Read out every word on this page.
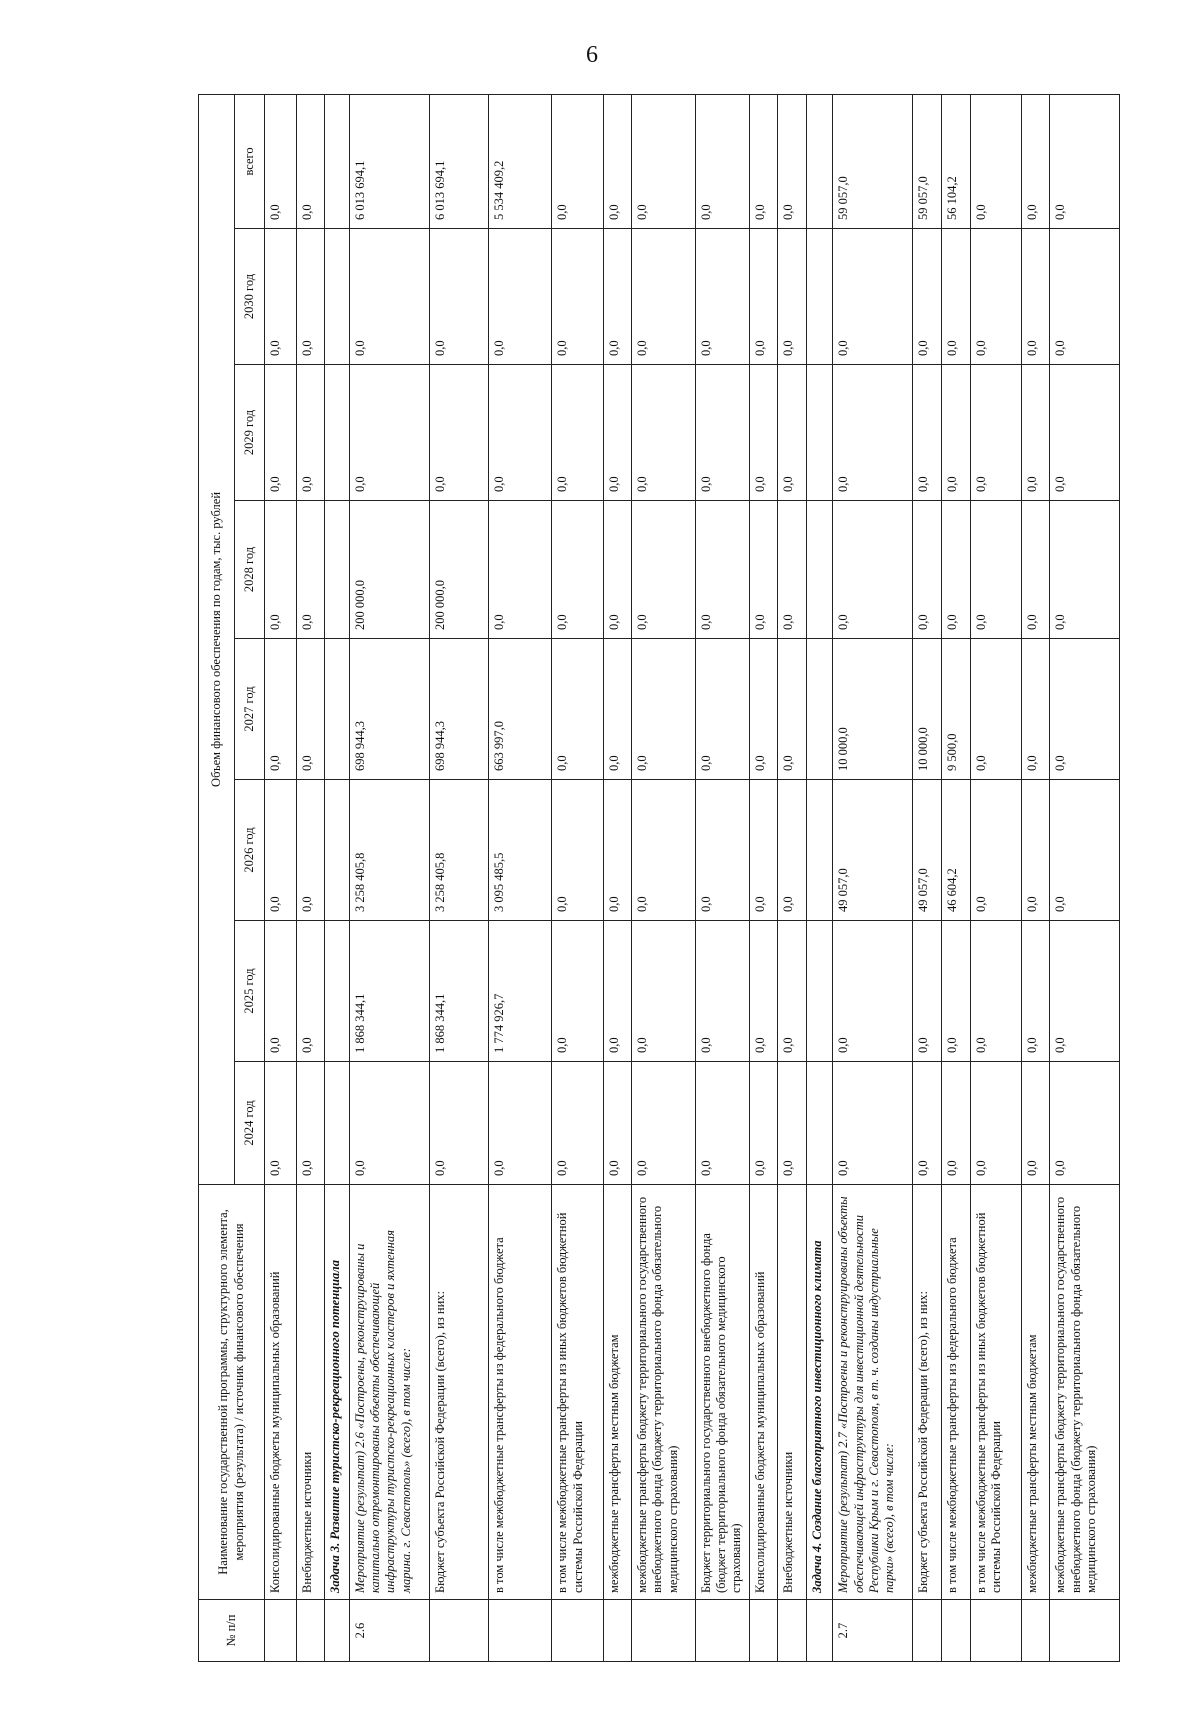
6
№ п/п	Наименование государственной программы, структурного элемента, мероприятия (результата) / источник финансового обеспечения	Объем финансового обеспечения по годам, тыс. рублей							
		2024 год	2025 год	2026 год	2027 год	2028 год	2029 год	2030 год	всего
	Консолидированные бюджеты муниципальных образований	0,0	0,0	0,0	0,0	0,0	0,0	0,0	0,0
	Внебюджетные источники	0,0	0,0	0,0	0,0	0,0	0,0	0,0	0,0
	Задача 3. Развитие туристско-рекреационного потенциала								
2.6	Мероприятие (результат) 2.6 «Построены, реконструированы и капитально отремонтированы объекты обеспечивающей инфраструктуры туристско-рекреационных кластеров и яхтенная марина. г. Севастополь» (всего), в том числе:	0,0	1 868 344,1	3 258 405,8	698 944,3	200 000,0	0,0	0,0	6 013 694,1
	Бюджет субъекта Российской Федерации (всего), из них:	0,0	1 868 344,1	3 258 405,8	698 944,3	200 000,0	0,0	0,0	6 013 694,1
	в том числе межбюджетные трансферты из федерального бюджета	0,0	1 774 926,7	3 095 485,5	663 997,0	0,0	0,0	0,0	5 534 409,2
	в том числе межбюджетные трансферты из иных бюджетов бюджетной системы Российской Федерации	0,0	0,0	0,0	0,0	0,0	0,0	0,0	0,0
	межбюджетные трансферты местным бюджетам	0,0	0,0	0,0	0,0	0,0	0,0	0,0	0,0
	межбюджетные трансферты бюджету территориального государственного внебюджетного фонда (бюджету территориального фонда обязательного медицинского страхования)	0,0	0,0	0,0	0,0	0,0	0,0	0,0	0,0
	Бюджет территориального государственного внебюджетного фонда (бюджет территориального фонда обязательного медицинского страхования)	0,0	0,0	0,0	0,0	0,0	0,0	0,0	0,0
	Консолидированные бюджеты муниципальных образований	0,0	0,0	0,0	0,0	0,0	0,0	0,0	0,0
	Внебюджетные источники	0,0	0,0	0,0	0,0	0,0	0,0	0,0	0,0
	Задача 4. Создание благоприятного инвестиционного климата								
2.7	Мероприятие (результат) 2.7 «Построены и реконструированы объекты обеспечивающей инфраструктуры для инвестиционной деятельности Республики Крым и г. Севастополя, в т. ч. созданы индустриальные парки» (всего), в том числе:	0,0	0,0	49 057,0	10 000,0	0,0	0,0	0,0	59 057,0
	Бюджет субъекта Российской Федерации (всего), из них:	0,0	0,0	49 057,0	10 000,0	0,0	0,0	0,0	59 057,0
	в том числе межбюджетные трансферты из федерального бюджета	0,0	0,0	46 604,2	9 500,0	0,0	0,0	0,0	56 104,2
	в том числе межбюджетные трансферты из иных бюджетов бюджетной системы Российской Федерации	0,0	0,0	0,0	0,0	0,0	0,0	0,0	0,0
	межбюджетные трансферты местным бюджетам	0,0	0,0	0,0	0,0	0,0	0,0	0,0	0,0
	межбюджетные трансферты бюджету территориального государственного внебюджетного фонда (бюджету территориального фонда обязательного медицинского страхования)	0,0	0,0	0,0	0,0	0,0	0,0	0,0	0,0
